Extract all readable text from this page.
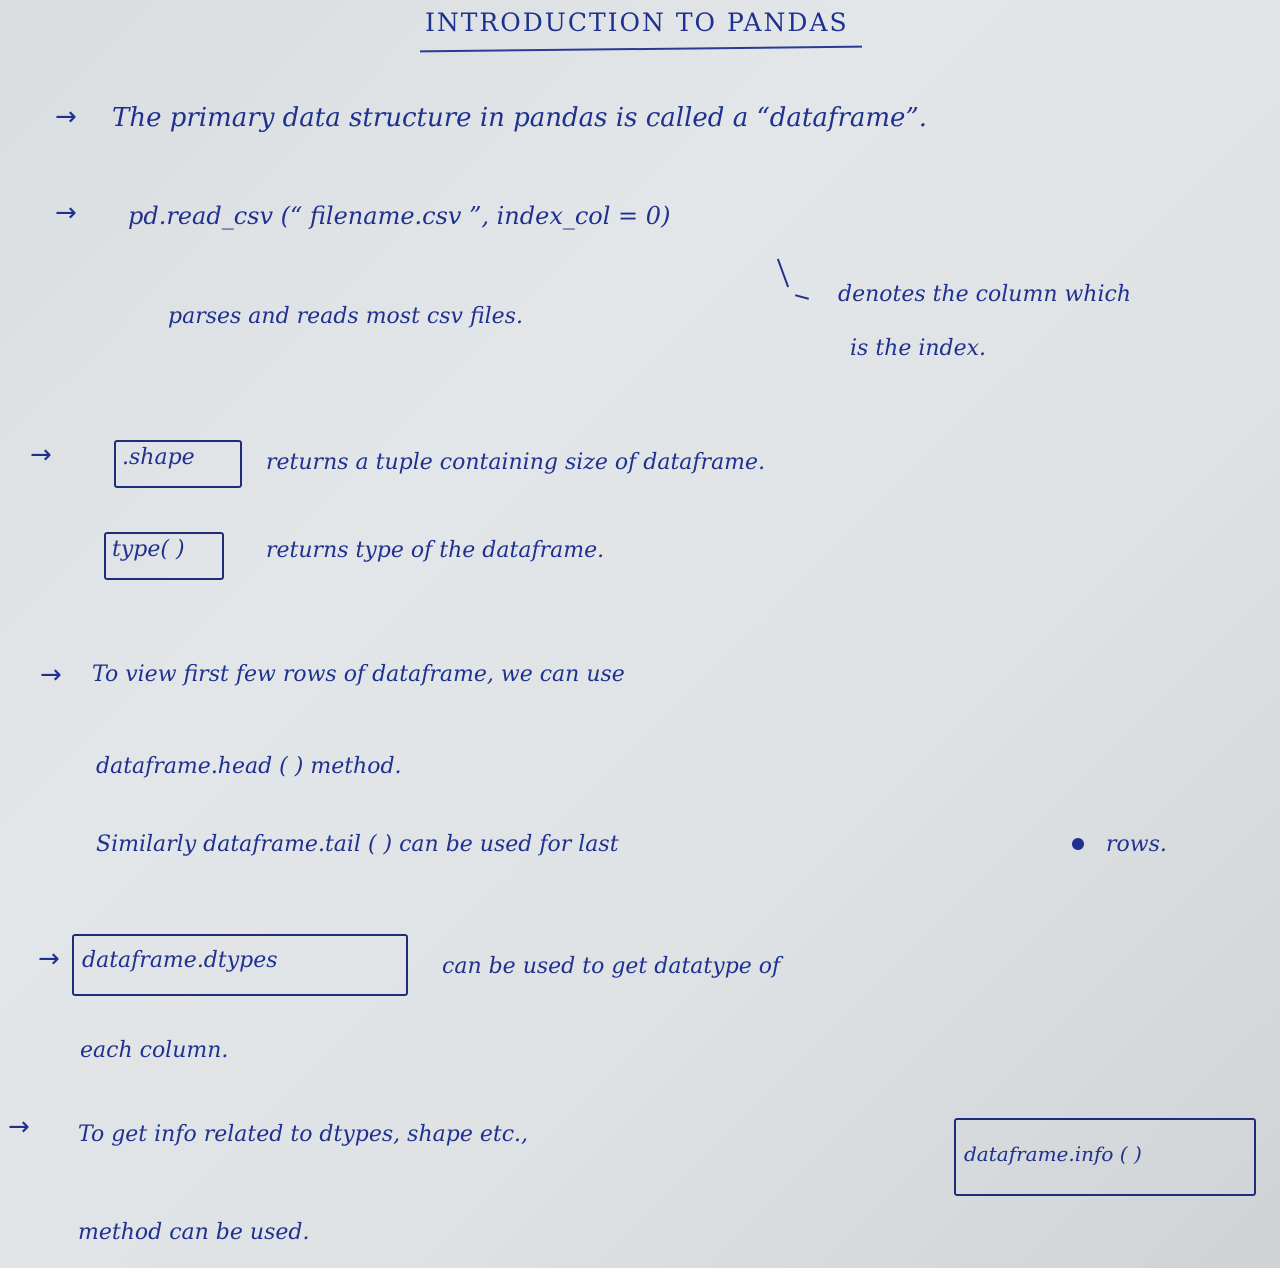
INTRODUCTION TO PANDAS
→ The primary data structure in pandas is called a “dataframe”.
→ pd.read_csv (“ filename.csv ”, index_col = 0)
parses and reads most csv files.
denotes the column which
is the index.
→	.shape	returns a tuple containing size of dataframe.
type( )	returns type of the dataframe.
→ To view first few rows of dataframe, we can use
dataframe.head ( ) method.
Similarly dataframe.tail ( ) can be used for last	rows.
→ dataframe.dtypes	can be used to get datatype of
each column.
→ To get info related to dtypes, shape etc.,
dataframe.info ( )
method can be used.
